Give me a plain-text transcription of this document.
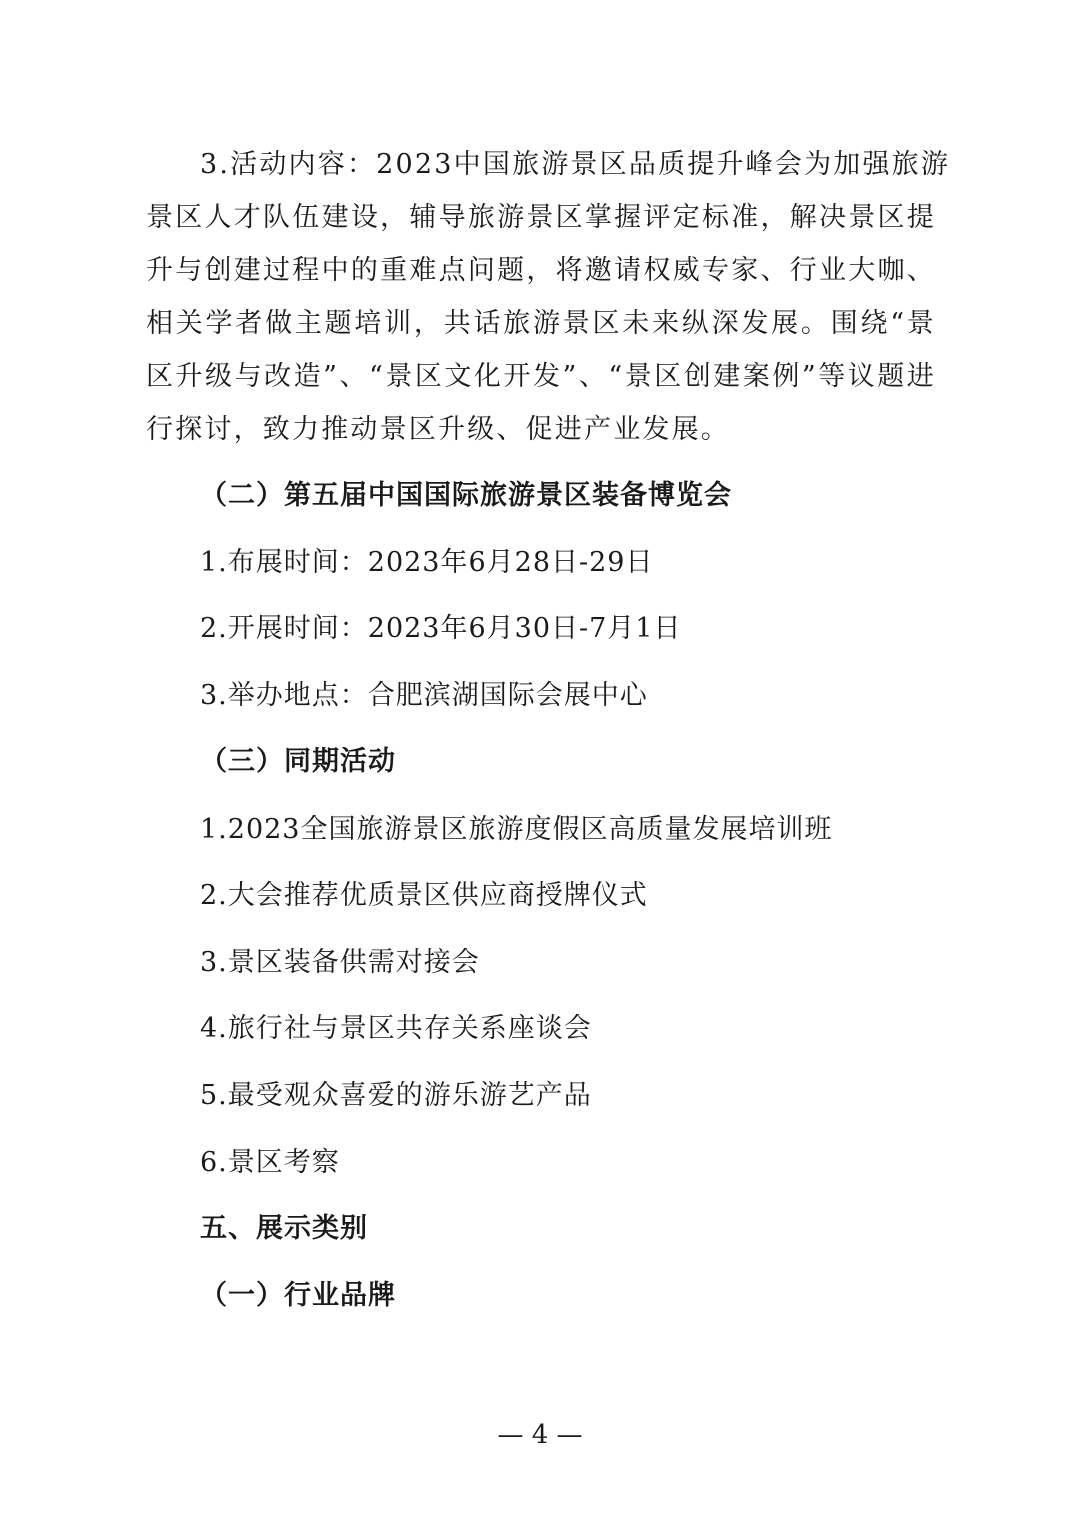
3.活动内容：2023中国旅游景区品质提升峰会为加强旅游
景区人才队伍建设，辅导旅游景区掌握评定标准，解决景区提
升与创建过程中的重难点问题，将邀请权威专家、行业大咖、
相关学者做主题培训，共话旅游景区未来纵深发展。围绕“景
区升级与改造”、“景区文化开发”、“景区创建案例”等议题进
行探讨，致力推动景区升级、促进产业发展。
（二）第五届中国国际旅游景区装备博览会
1.布展时间：2023年6月28日-29日
2.开展时间：2023年6月30日-7月1日
3.举办地点：合肥滨湖国际会展中心
（三）同期活动
1.2023全国旅游景区旅游度假区高质量发展培训班
2.大会推荐优质景区供应商授牌仪式
3.景区装备供需对接会
4.旅行社与景区共存关系座谈会
5.最受观众喜爱的游乐游艺产品
6.景区考察
五、展示类别
（一）行业品牌
— 4 —
